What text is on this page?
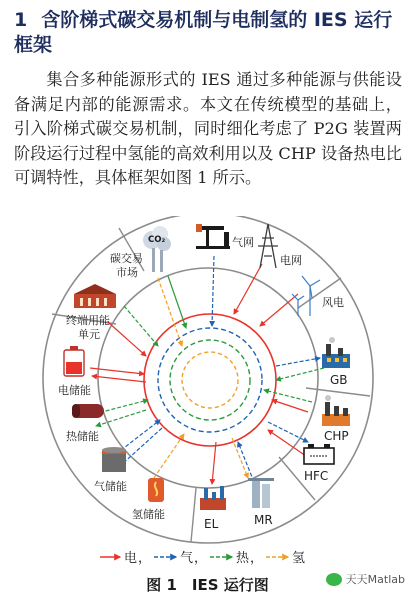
1 含阶梯式碳交易机制与电制氢的 IES 运行框架

集合多种能源形式的 IES 通过多种能源与供能设备满足内部的能源需求。本文在传统模型的基础上，引入阶梯式碳交易机制，同时细化考虑了 P2G 装置两阶段运行过程中氢能的高效利用以及 CHP 设备热电比可调特性，具体框架如图 1 所示。

碳交易
市场
CO₂	气网
电网
风电
GB
CHP
HFC
MR
EL
氢储能
气储能
热储能
电储能
终端用能
单元
电 ， 气 ， 热 ， 氢
图 1　IES 运行图	天天Matlab
